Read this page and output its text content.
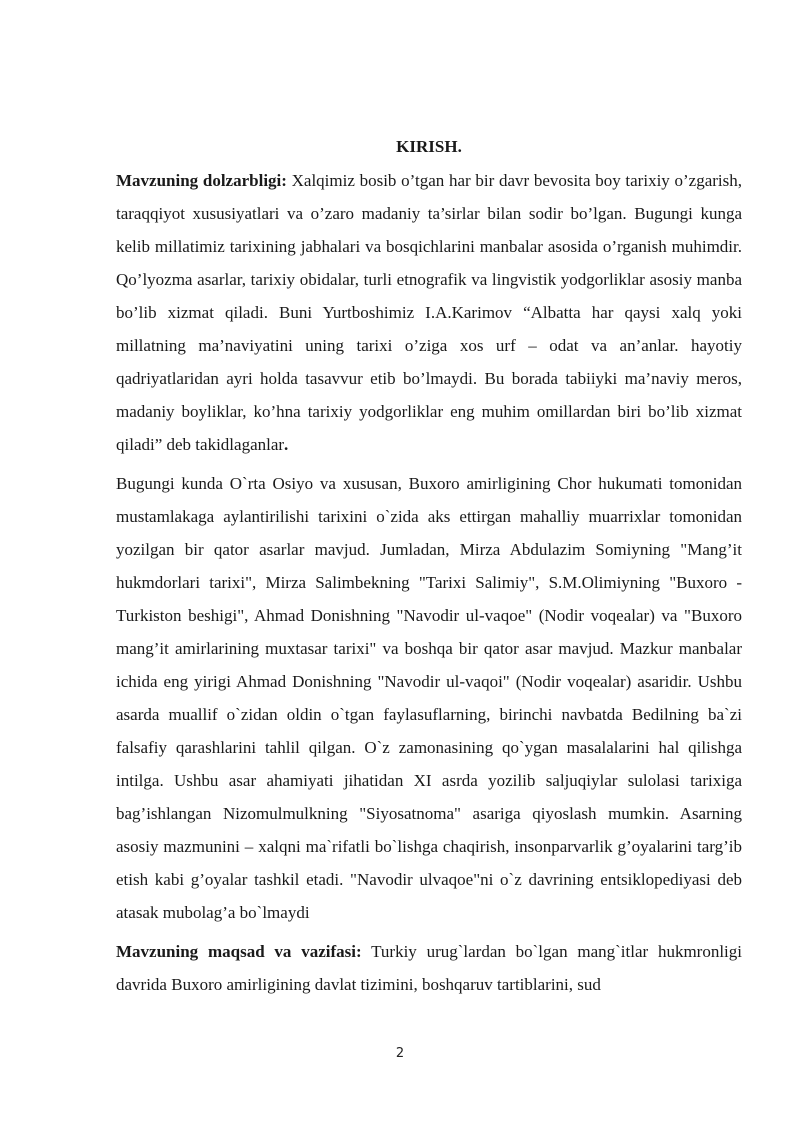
KIRISH.

Mavzuning dolzarbligi: Xalqimiz bosib o’tgan har bir davr bevosita boy tarixiy o’zgarish, taraqqiyot xususiyatlari va o’zaro madaniy ta’sirlar bilan sodir bo’lgan. Bugungi kunga kelib millatimiz tarixining jabhalari va bosqichlarini manbalar asosida o’rganish muhimdir. Qo’lyozma asarlar, tarixiy obidalar, turli etnografik va lingvistik yodgorliklar asosiy manba bo’lib xizmat qiladi. Buni Yurtboshimiz I.A.Karimov “Albatta har qaysi xalq yoki millatning ma’naviyatini uning tarixi o’ziga xos urf – odat va an’anlar. hayotiy qadriyatlaridan ayri holda tasavvur etib bo’lmaydi. Bu borada tabiiyki ma’naviy meros, madaniy boyliklar, ko’hna tarixiy yodgorliklar eng muhim omillardan biri bo’lib xizmat qiladi” deb takidlaganlar.

Bugungi kunda O`rta Osiyo va xususan, Buxoro amirligining Chor hukumati tomonidan mustamlakaga aylantirilishi tarixini o`zida aks ettirgan mahalliy muarrixlar tomonidan yozilgan bir qator asarlar mavjud. Jumladan, Mirza Abdulazim Somiyning "Mang’it hukmdorlari tarixi", Mirza Salimbekning "Tarixi Salimiy", S.M.Olimiyning "Buxoro - Turkiston beshigi", Ahmad Donishning "Navodir ul-vaqoe" (Nodir voqealar) va "Buxoro mang’it amirlarining muxtasar tarixi" va boshqa bir qator asar mavjud. Mazkur manbalar ichida eng yirigi Ahmad Donishning "Navodir ul-vaqoi" (Nodir voqealar) asaridir. Ushbu asarda muallif o`zidan oldin o`tgan faylasuflarning, birinchi navbatda Bedilning ba`zi falsafiy qarashlarini tahlil qilgan. O`z zamonasining qo`ygan masalalarini hal qilishga intilga. Ushbu asar ahamiyati jihatidan XI asrda yozilib saljuqiylar sulolasi tarixiga bag’ishlangan Nizomulmulkning "Siyosatnoma" asariga qiyoslash mumkin. Asarning asosiy mazmunini – xalqni ma`rifatli bo`lishga chaqirish, insonparvarlik g’oyalarini targ’ib etish kabi g’oyalar tashkil etadi. "Navodir ulvaqoe"ni o`z davrining entsiklopediyasi deb atasak mubolag’a bo`lmaydi

Mavzuning maqsad va vazifasi: Turkiy urug`lardan bo`lgan mang`itlar hukmronligi davrida Buxoro amirligining davlat tizimini, boshqaruv tartiblarini, sud

2
